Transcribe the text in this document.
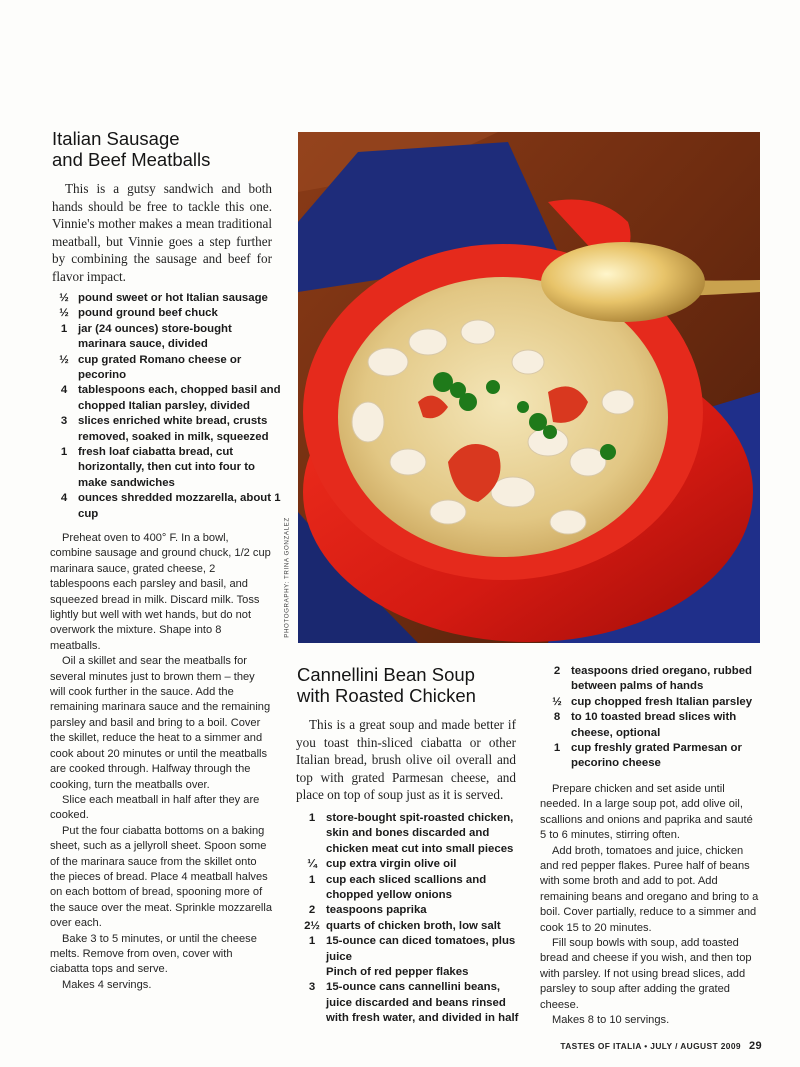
Italian Sausage
and Beef Meatballs

This is a gutsy sandwich and both hands should be free to tackle this one. Vinnie's mother makes a mean traditional meatball, but Vinnie goes a step further by combining the sausage and beef for flavor impact.

½ pound sweet or hot Italian sausage
½ pound ground beef chuck
1 jar (24 ounces) store-bought marinara sauce, divided
½ cup grated Romano cheese or pecorino
4 tablespoons each, chopped basil and chopped Italian parsley, divided
3 slices enriched white bread, crusts removed, soaked in milk, squeezed
1 fresh loaf ciabatta bread, cut horizontally, then cut into four to make sandwiches
4 ounces shredded mozzarella, about 1 cup

Preheat oven to 400° F. In a bowl, combine sausage and ground chuck, 1/2 cup marinara sauce, grated cheese, 2 tablespoons each parsley and basil, and squeezed bread in milk. Discard milk. Toss lightly but well with wet hands, but do not overwork the mixture. Shape into 8 meatballs.

Oil a skillet and sear the meatballs for several minutes just to brown them – they will cook further in the sauce. Add the remaining marinara sauce and the remaining parsley and basil and bring to a boil. Cover the skillet, reduce the heat to a simmer and cook about 20 minutes or until the meatballs are cooked through. Halfway through the cooking, turn the meatballs over.

Slice each meatball in half after they are cooked.

Put the four ciabatta bottoms on a baking sheet, such as a jellyroll sheet. Spoon some of the marinara sauce from the skillet onto the pieces of bread. Place 4 meatball halves on each bottom of bread, spooning more of the sauce over the meat. Sprinkle mozzarella over each.

Bake 3 to 5 minutes, or until the cheese melts. Remove from oven, cover with ciabatta tops and serve.

Makes 4 servings.

PHOTOGRAPHY: TRINA GONZALEZ
Cannellini Bean Soup
with Roasted Chicken

This is a great soup and made better if you toast thin-sliced ciabatta or other Italian bread, brush olive oil overall and top with grated Parmesan cheese, and place on top of soup just as it is served.

1 store-bought spit-roasted chicken, skin and bones discarded and chicken meat cut into small pieces
¼ cup extra virgin olive oil
1 cup each sliced scallions and chopped yellow onions
2 teaspoons paprika
2½ quarts of chicken broth, low salt
1 15-ounce can diced tomatoes, plus juice
Pinch of red pepper flakes
3 15-ounce cans cannellini beans, juice discarded and beans rinsed with fresh water, and divided in half
2 teaspoons dried oregano, rubbed between palms of hands
½ cup chopped fresh Italian parsley
8 to 10 toasted bread slices with cheese, optional
1 cup freshly grated Parmesan or pecorino cheese

Prepare chicken and set aside until needed. In a large soup pot, add olive oil, scallions and onions and paprika and sauté 5 to 6 minutes, stirring often.

Add broth, tomatoes and juice, chicken and red pepper flakes. Puree half of beans with some broth and add to pot. Add remaining beans and oregano and bring to a boil. Cover partially, reduce to a simmer and cook 15 to 20 minutes.

Fill soup bowls with soup, add toasted bread and cheese if you wish, and then top with parsley. If not using bread slices, add parsley to soup after adding the grated cheese.

Makes 8 to 10 servings.

TASTES OF ITALIA • JULY / AUGUST 2009 29
